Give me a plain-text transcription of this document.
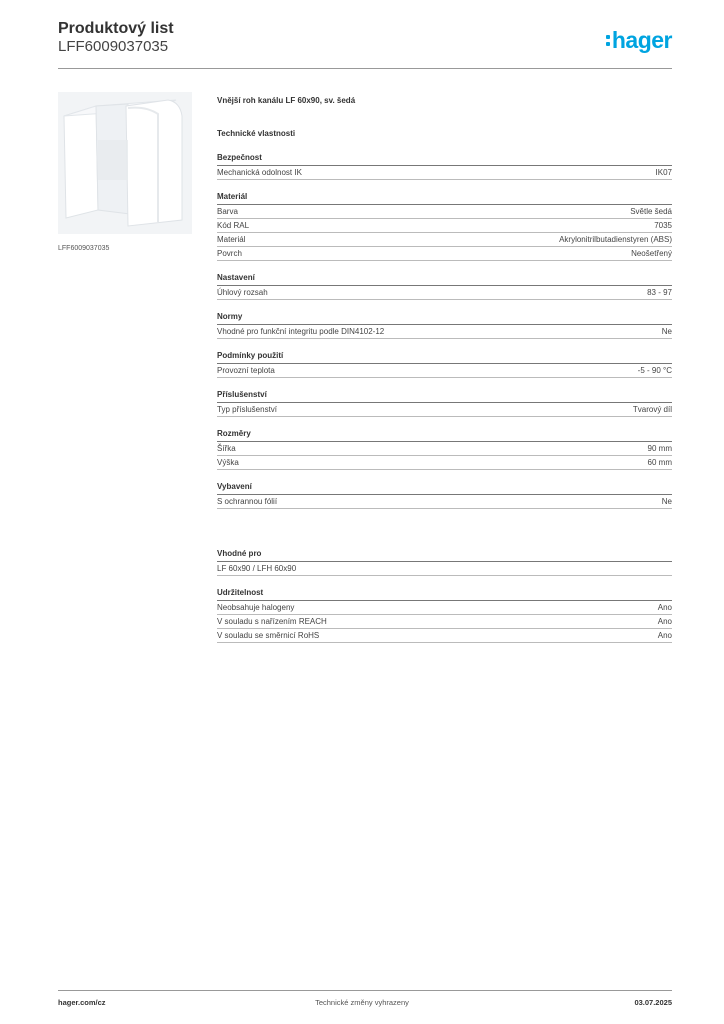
Produktový list
LFF6009037035	hager
LFF6009037035
Vnější roh kanálu LF 60x90, sv. šedá
Technické vlastnosti
Bezpečnost
Mechanická odolnost IK	IK07
Materiál
Barva	Světle šedá
Kód RAL	7035
Materiál	Akrylonitrilbutadienstyren (ABS)
Povrch	Neošetřený
Nastavení
Úhlový rozsah	83 - 97
Normy
Vhodné pro funkční integritu podle DIN4102-12	Ne
Podmínky použití
Provozní teplota	-5 - 90 °C
Příslušenství
Typ příslušenství	Tvarový díl
Rozměry
Šířka	90 mm
Výška	60 mm
Vybavení
S ochrannou fólií	Ne
Vhodné pro
LF 60x90 / LFH 60x90
Udržitelnost
Neobsahuje halogeny	Ano
V souladu s nařízením REACH	Ano
V souladu se směrnicí RoHS	Ano
hager.com/cz	Technické změny vyhrazeny	03.07.2025
